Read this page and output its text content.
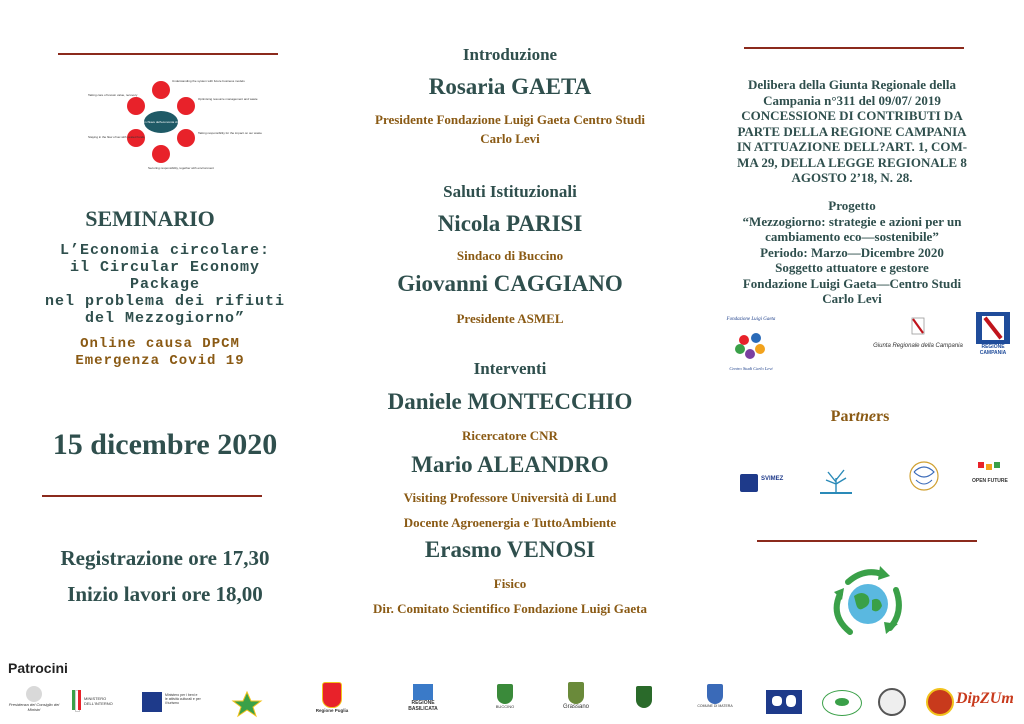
Principi chiave dell'economia circolare
Understanding the system with future business models
Taking care of known value, recovery
Staying in the flow of tax with vested funds
Optimising resource management and waste
Taking responsibility for the impact on our waste
Securing responsibility, together with environment
SEMINARIO
L’Economia circolare:
il Circular Economy Package
nel problema dei rifiuti
del Mezzogiorno”
Online causa DPCM
Emergenza Covid 19
15 dicembre 2020
Registrazione ore 17,30
Inizio lavori ore 18,00
Introduzione
Rosaria GAETA
Presidente Fondazione Luigi Gaeta Centro Studi
Carlo Levi
Saluti Istituzionali
Nicola PARISI
Sindaco di Buccino
Giovanni CAGGIANO
Presidente ASMEL
Interventi
Daniele MONTECCHIO
Ricercatore CNR
Mario ALEANDRO
Visiting Professore Università di Lund
Docente Agroenergia e TuttoAmbiente
Erasmo VENOSI
Fisico
Dir. Comitato Scientifico Fondazione Luigi Gaeta
Delibera della Giunta Regionale della
Campania n°311 del 09/07/ 2019
CONCESSIONE DI CONTRIBUTI DA
PARTE DELLA REGIONE CAMPANIA
IN ATTUAZIONE DELL?ART. 1, COM-
MA 29, DELLA LEGGE REGIONALE 8
AGOSTO 2’18, N. 28.
Progetto
“Mezzogiorno: strategie e azioni per un
cambiamento eco—sostenibile”
Periodo: Marzo—Dicembre 2020
Soggetto attuatore e gestore
Fondazione Luigi Gaeta—Centro Studi
Carlo Levi
Fondazione Luigi Gaeta
Centro Studi Carlo Levi
Giunta Regionale della Campania	REGIONE CAMPANIA
Partners
SVIMEZ	OPEN FUTURE
Patrocini
Presidenza del Consiglio dei Ministri
MINISTERO DELL'INTERNO
Ministero per i beni e le attività culturali e per il turismo
Regione Puglia
REGIONE BASILICATA	BUCCINO	Grassano	COMUNE DI MATERA	DipZUm
